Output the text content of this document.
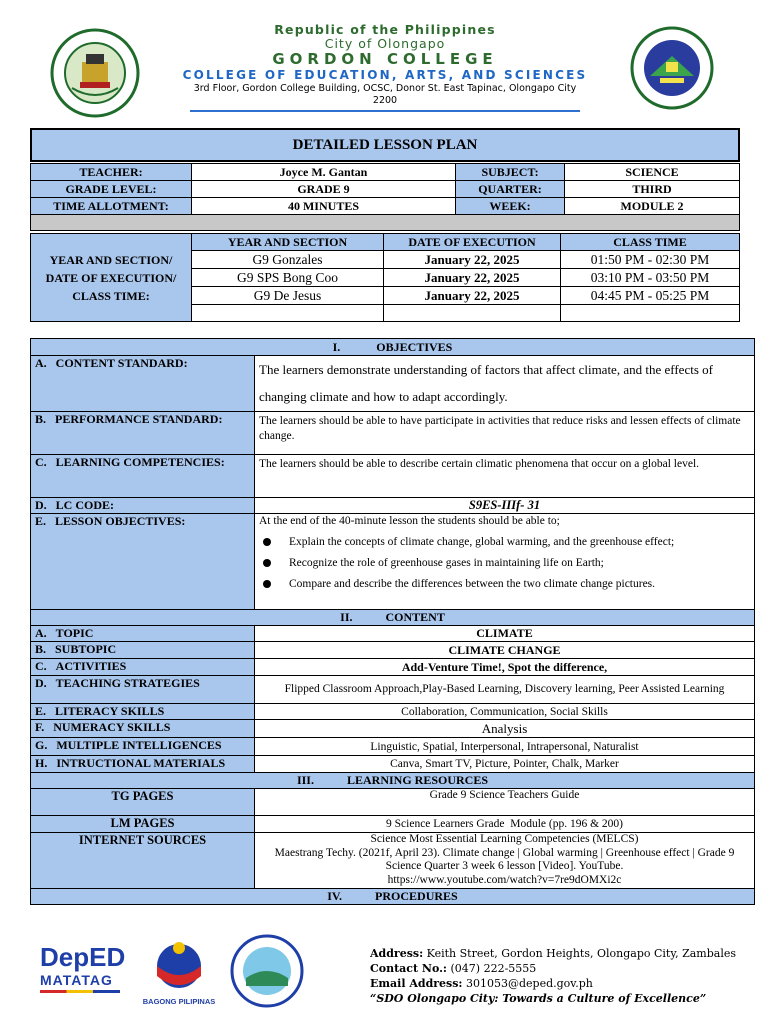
Republic of the Philippines
City of Olongapo
GORDON COLLEGE
COLLEGE OF EDUCATION, ARTS, AND SCIENCES
3rd Floor, Gordon College Building, OCSC, Donor St. East Tapinac, Olongapo City
2200
DETAILED LESSON PLAN
TEACHER:	Joyce M. Gantan	SUBJECT:	SCIENCE
GRADE LEVEL:	GRADE 9	QUARTER:	THIRD
TIME ALLOTMENT:	40 MINUTES	WEEK:	MODULE 2

YEAR AND SECTION/ DATE OF EXECUTION/ CLASS TIME:	YEAR AND SECTION	DATE OF EXECUTION	CLASS TIME
	G9 Gonzales	January 22, 2025	01:50 PM - 02:30 PM
	G9 SPS Bong Coo	January 22, 2025	03:10 PM - 03:50 PM
	G9 De Jesus	January 22, 2025	04:45 PM - 05:25 PM

I.            OBJECTIVES	
A.   CONTENT STANDARD:	The learners demonstrate understanding of factors that affect climate, and the effects of changing climate and how to adapt accordingly.
B.   PERFORMANCE STANDARD:	The learners should be able to have participate in activities that reduce risks and lessen effects of climate change.
C.   LEARNING COMPETENCIES:	The learners should be able to describe certain climatic phenomena that occur on a global level.
D.   LC CODE:	S9ES-IIIf- 31
E.   LESSON OBJECTIVES:	At the end of the 40-minute lesson the students should be able to;
Explain the concepts of climate change, global warming, and the greenhouse effect;
Recognize the role of greenhouse gases in maintaining life on Earth;
Compare and describe the differences between the two climate change pictures.

II.           CONTENT	
A.   TOPIC	CLIMATE
B.   SUBTOPIC	CLIMATE CHANGE
C.   ACTIVITIES	Add-Venture Time!, Spot the difference,
D.   TEACHING STRATEGIES	Flipped Classroom Approach,Play-Based Learning, Discovery learning, Peer Assisted Learning
E.   LITERACY SKILLS	Collaboration, Communication, Social Skills
F.   NUMERACY SKILLS	Analysis
G.   MULTIPLE INTELLIGENCES	Linguistic, Spatial, Interpersonal, Intrapersonal, Naturalist
H.   INTRUCTIONAL MATERIALS	Canva, Smart TV, Picture, Pointer, Chalk, Marker
III.           LEARNING RESOURCES	
TG PAGES	Grade 9 Science Teachers Guide
LM PAGES	9 Science Learners Grade  Module (pp. 196 & 200)
INTERNET SOURCES	Science Most Essential Learning Competencies (MELCS)
Maestrang Techy. (2021f, April 23). Climate change | Global warming | Greenhouse effect | Grade 9 Science Quarter 3 week 6 lesson [Video]. YouTube.
https://www.youtube.com/watch?v=7re9dOMXi2c

IV.           PROCEDURES	
DepED
MATATAG
BAGONG PILIPINAS
Address: Keith Street, Gordon Heights, Olongapo City, Zambales
Contact No.: (047) 222-5555
Email Address: 301053@deped.gov.ph
“SDO Olongapo City: Towards a Culture of Excellence”
